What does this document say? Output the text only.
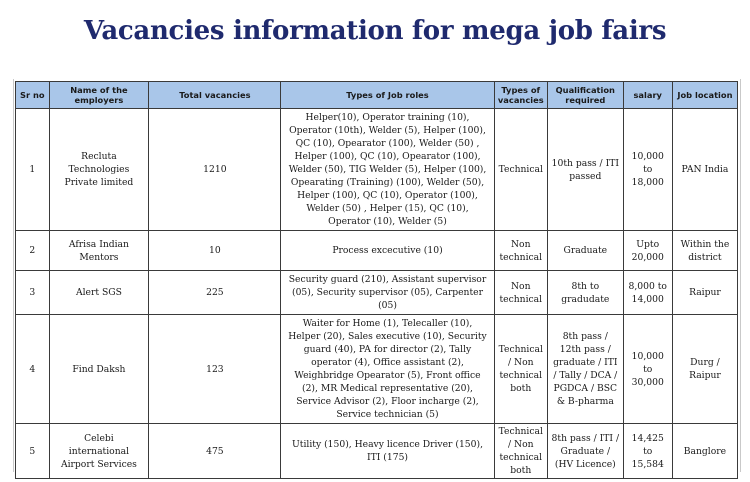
Vacancies information for mega job fairs
Sr no	Name of the employers	Total vacancies	Types of Job roles	Types of vacancies	Qualification required	salary	Job location
1	Recluta Technologies Private limited	1210	Helper(10), Operator training (10), Operator (10th), Welder (5), Helper (100), QC (10), Opearator (100), Welder (50) , Helper (100), QC (10), Opearator (100), Welder (50), TIG Welder (5), Helper (100), Opearating (Training) (100), Welder (50), Helper (100), QC (10), Operator (100), Welder (50) , Helper (15), QC (10), Operator (10), Welder (5)	Technical	10th pass / ITI passed	10,000 to 18,000	PAN India
2	Afrisa Indian Mentors	10	Process excecutive (10)	Non technical	Graduate	Upto 20,000	Within the district
3	Alert SGS	225	Security guard (210), Assistant supervisor (05), Security supervisor (05), Carpenter (05)	Non technical	8th to gradudate	8,000 to 14,000	Raipur
4	Find Daksh	123	Waiter for Home (1), Telecaller (10), Helper (20), Sales executive (10), Security guard (40), PA for director (2), Tally operator (4), Office assistant (2), Weighbridge Opearator (5), Front office (2), MR Medical representative (20), Service Advisor (2), Floor incharge (2), Service technician (5)	Technical / Non technical both	8th pass / 12th pass / graduate / ITI / Tally / DCA / PGDCA / BSC & B-pharma	10,000 to 30,000	Durg / Raipur
5	Celebi international Airport Services	475	Utility (150), Heavy licence Driver (150), ITI (175)	Technical / Non technical both	8th pass / ITI / Graduate / (HV Licence)	14,425 to 15,584	Banglore
